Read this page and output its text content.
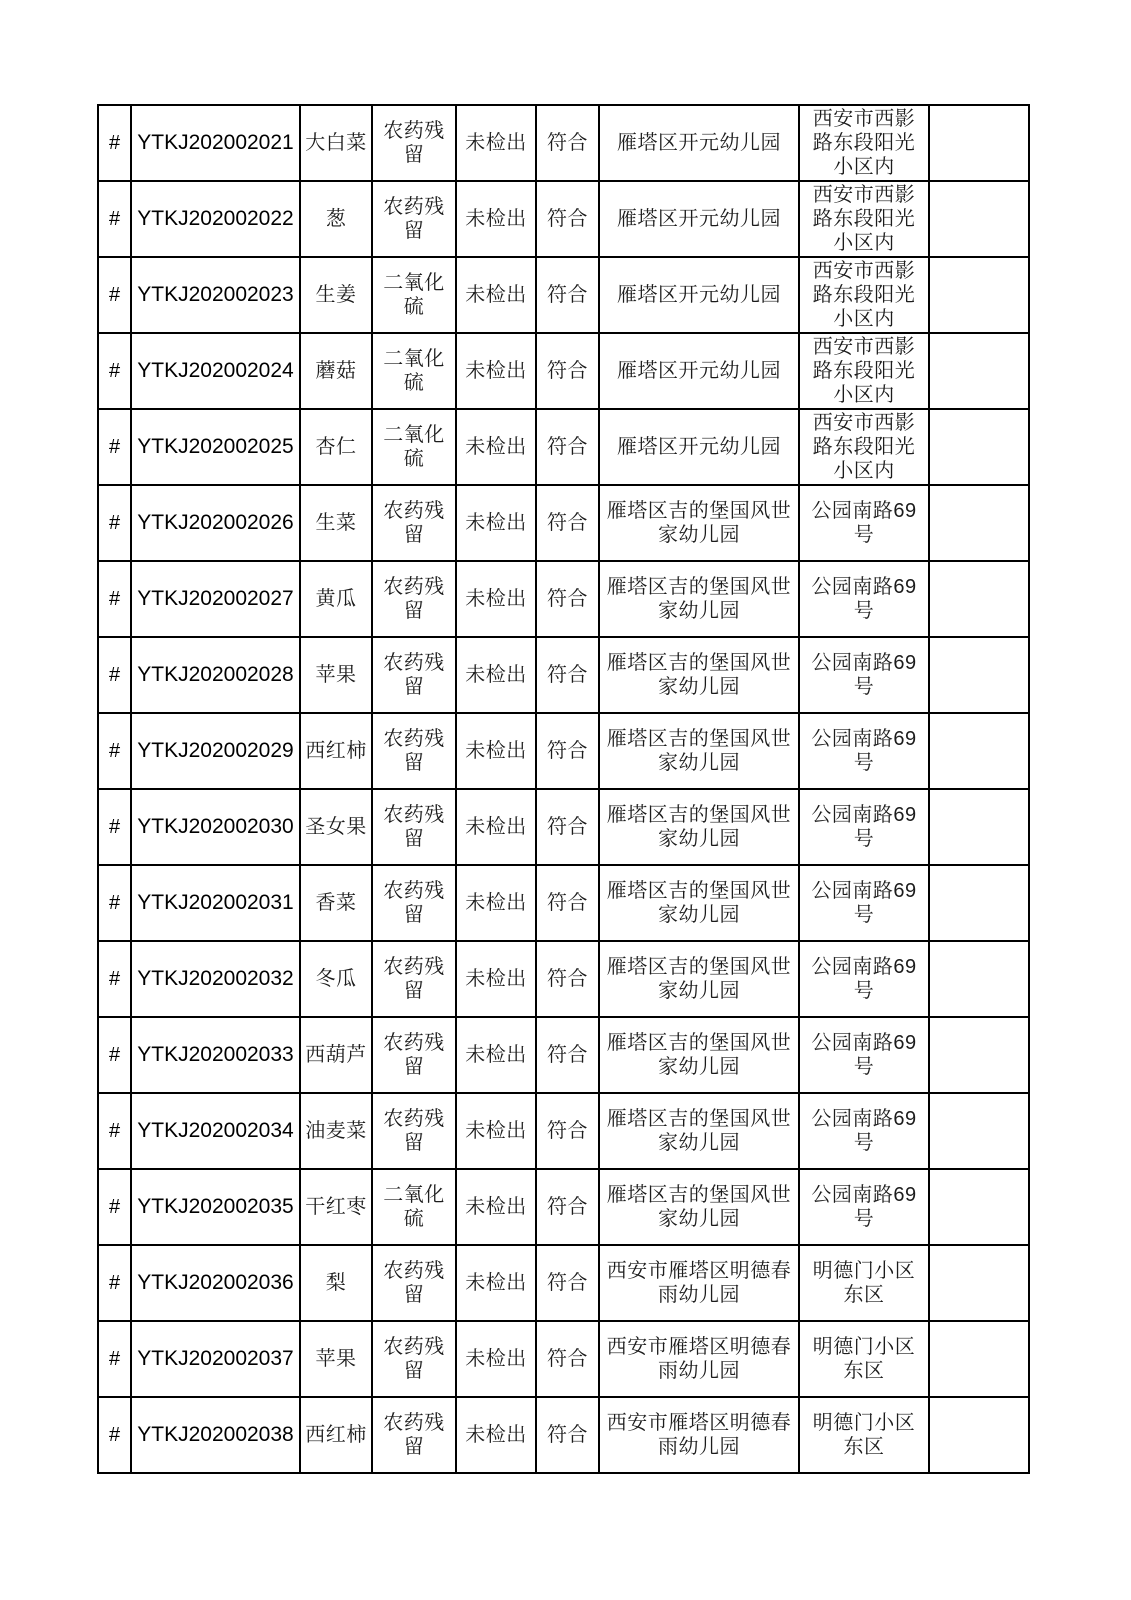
#	YTKJ202002021	大白菜	农药残留	未检出	符合	雁塔区开元幼儿园	西安市西影路东段阳光小区内	
#	YTKJ202002022	葱	农药残留	未检出	符合	雁塔区开元幼儿园	西安市西影路东段阳光小区内	
#	YTKJ202002023	生姜	二氧化硫	未检出	符合	雁塔区开元幼儿园	西安市西影路东段阳光小区内	
#	YTKJ202002024	蘑菇	二氧化硫	未检出	符合	雁塔区开元幼儿园	西安市西影路东段阳光小区内	
#	YTKJ202002025	杏仁	二氧化硫	未检出	符合	雁塔区开元幼儿园	西安市西影路东段阳光小区内	
#	YTKJ202002026	生菜	农药残留	未检出	符合	雁塔区吉的堡国风世家幼儿园	公园南路69号	
#	YTKJ202002027	黄瓜	农药残留	未检出	符合	雁塔区吉的堡国风世家幼儿园	公园南路69号	
#	YTKJ202002028	苹果	农药残留	未检出	符合	雁塔区吉的堡国风世家幼儿园	公园南路69号	
#	YTKJ202002029	西红柿	农药残留	未检出	符合	雁塔区吉的堡国风世家幼儿园	公园南路69号	
#	YTKJ202002030	圣女果	农药残留	未检出	符合	雁塔区吉的堡国风世家幼儿园	公园南路69号	
#	YTKJ202002031	香菜	农药残留	未检出	符合	雁塔区吉的堡国风世家幼儿园	公园南路69号	
#	YTKJ202002032	冬瓜	农药残留	未检出	符合	雁塔区吉的堡国风世家幼儿园	公园南路69号	
#	YTKJ202002033	西葫芦	农药残留	未检出	符合	雁塔区吉的堡国风世家幼儿园	公园南路69号	
#	YTKJ202002034	油麦菜	农药残留	未检出	符合	雁塔区吉的堡国风世家幼儿园	公园南路69号	
#	YTKJ202002035	干红枣	二氧化硫	未检出	符合	雁塔区吉的堡国风世家幼儿园	公园南路69号	
#	YTKJ202002036	梨	农药残留	未检出	符合	西安市雁塔区明德春雨幼儿园	明德门小区东区	
#	YTKJ202002037	苹果	农药残留	未检出	符合	西安市雁塔区明德春雨幼儿园	明德门小区东区	
#	YTKJ202002038	西红柿	农药残留	未检出	符合	西安市雁塔区明德春雨幼儿园	明德门小区东区	
